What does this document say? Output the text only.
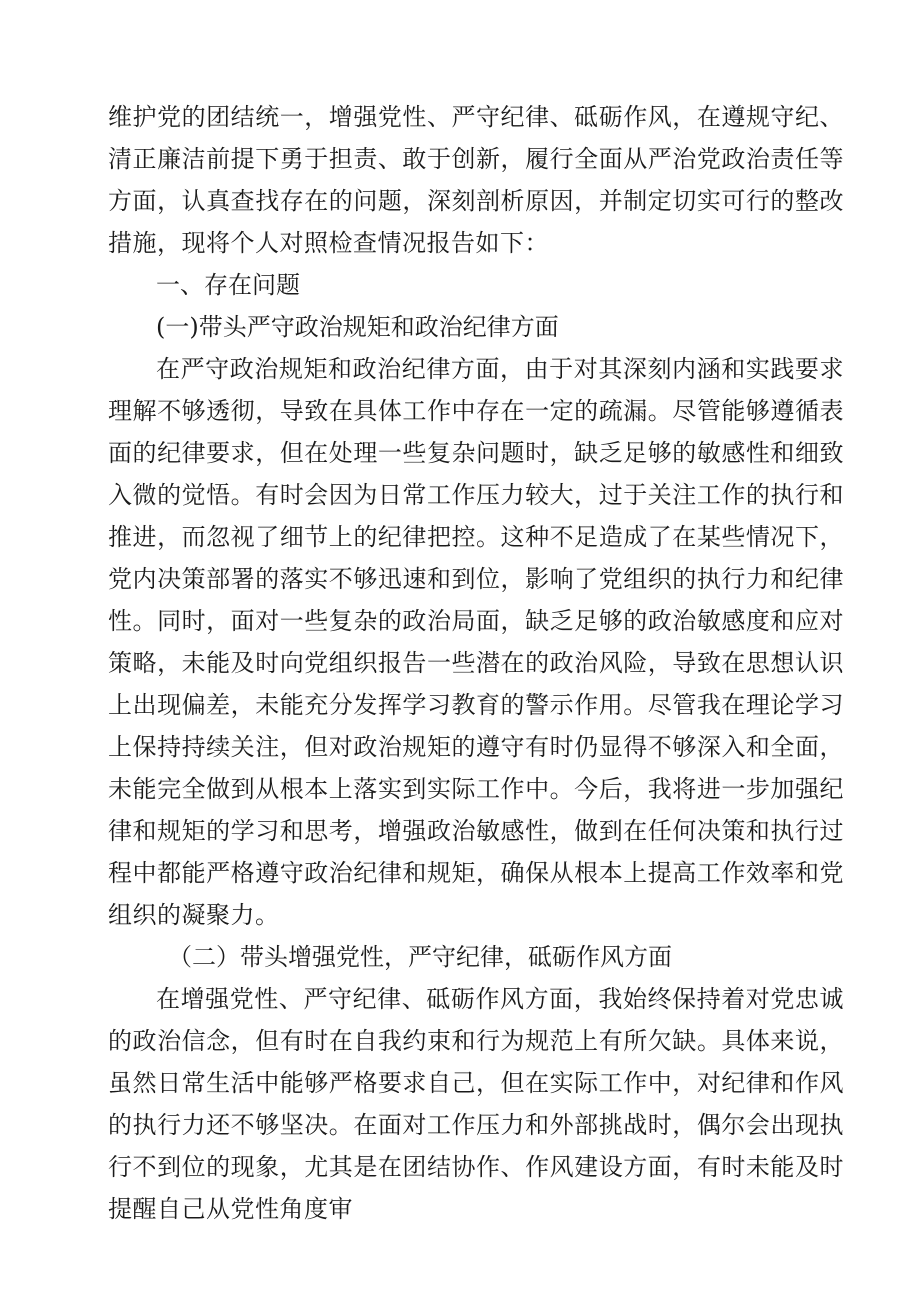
维护党的团结统一，增强党性、严守纪律、砥砺作风，在遵规守纪、清正廉洁前提下勇于担责、敢于创新，履行全面从严治党政治责任等方面，认真查找存在的问题，深刻剖析原因，并制定切实可行的整改措施，现将个人对照检查情况报告如下：

一、存在问题

(一)带头严守政治规矩和政治纪律方面

在严守政治规矩和政治纪律方面，由于对其深刻内涵和实践要求理解不够透彻，导致在具体工作中存在一定的疏漏。尽管能够遵循表面的纪律要求，但在处理一些复杂问题时，缺乏足够的敏感性和细致入微的觉悟。有时会因为日常工作压力较大，过于关注工作的执行和推进，而忽视了细节上的纪律把控。这种不足造成了在某些情况下，党内决策部署的落实不够迅速和到位，影响了党组织的执行力和纪律性。同时，面对一些复杂的政治局面，缺乏足够的政治敏感度和应对策略，未能及时向党组织报告一些潜在的政治风险，导致在思想认识上出现偏差，未能充分发挥学习教育的警示作用。尽管我在理论学习上保持持续关注，但对政治规矩的遵守有时仍显得不够深入和全面，未能完全做到从根本上落实到实际工作中。今后，我将进一步加强纪律和规矩的学习和思考，增强政治敏感性，做到在任何决策和执行过程中都能严格遵守政治纪律和规矩，确保从根本上提高工作效率和党组织的凝聚力。

（二）带头增强党性，严守纪律，砥砺作风方面

在增强党性、严守纪律、砥砺作风方面，我始终保持着对党忠诚的政治信念，但有时在自我约束和行为规范上有所欠缺。具体来说，虽然日常生活中能够严格要求自己，但在实际工作中，对纪律和作风的执行力还不够坚决。在面对工作压力和外部挑战时，偶尔会出现执行不到位的现象，尤其是在团结协作、作风建设方面，有时未能及时提醒自己从党性角度审
